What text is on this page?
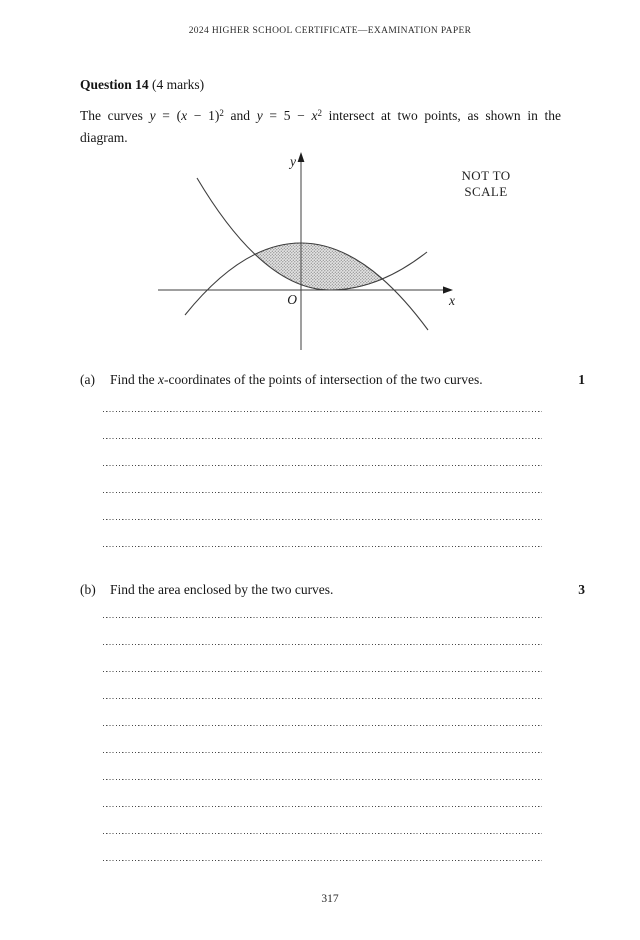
2024 HIGHER SCHOOL CERTIFICATE—EXAMINATION PAPER
Question 14 (4 marks)
The curves $y = (x - 1)^2$ and $y = 5 - x^2$ intersect at two points, as shown in the
diagram.
y
x
O
NOT TO
SCALE
(a) Find the x-coordinates of the points of intersection of the two curves.	1
(b) Find the area enclosed by the two curves.	3
317
